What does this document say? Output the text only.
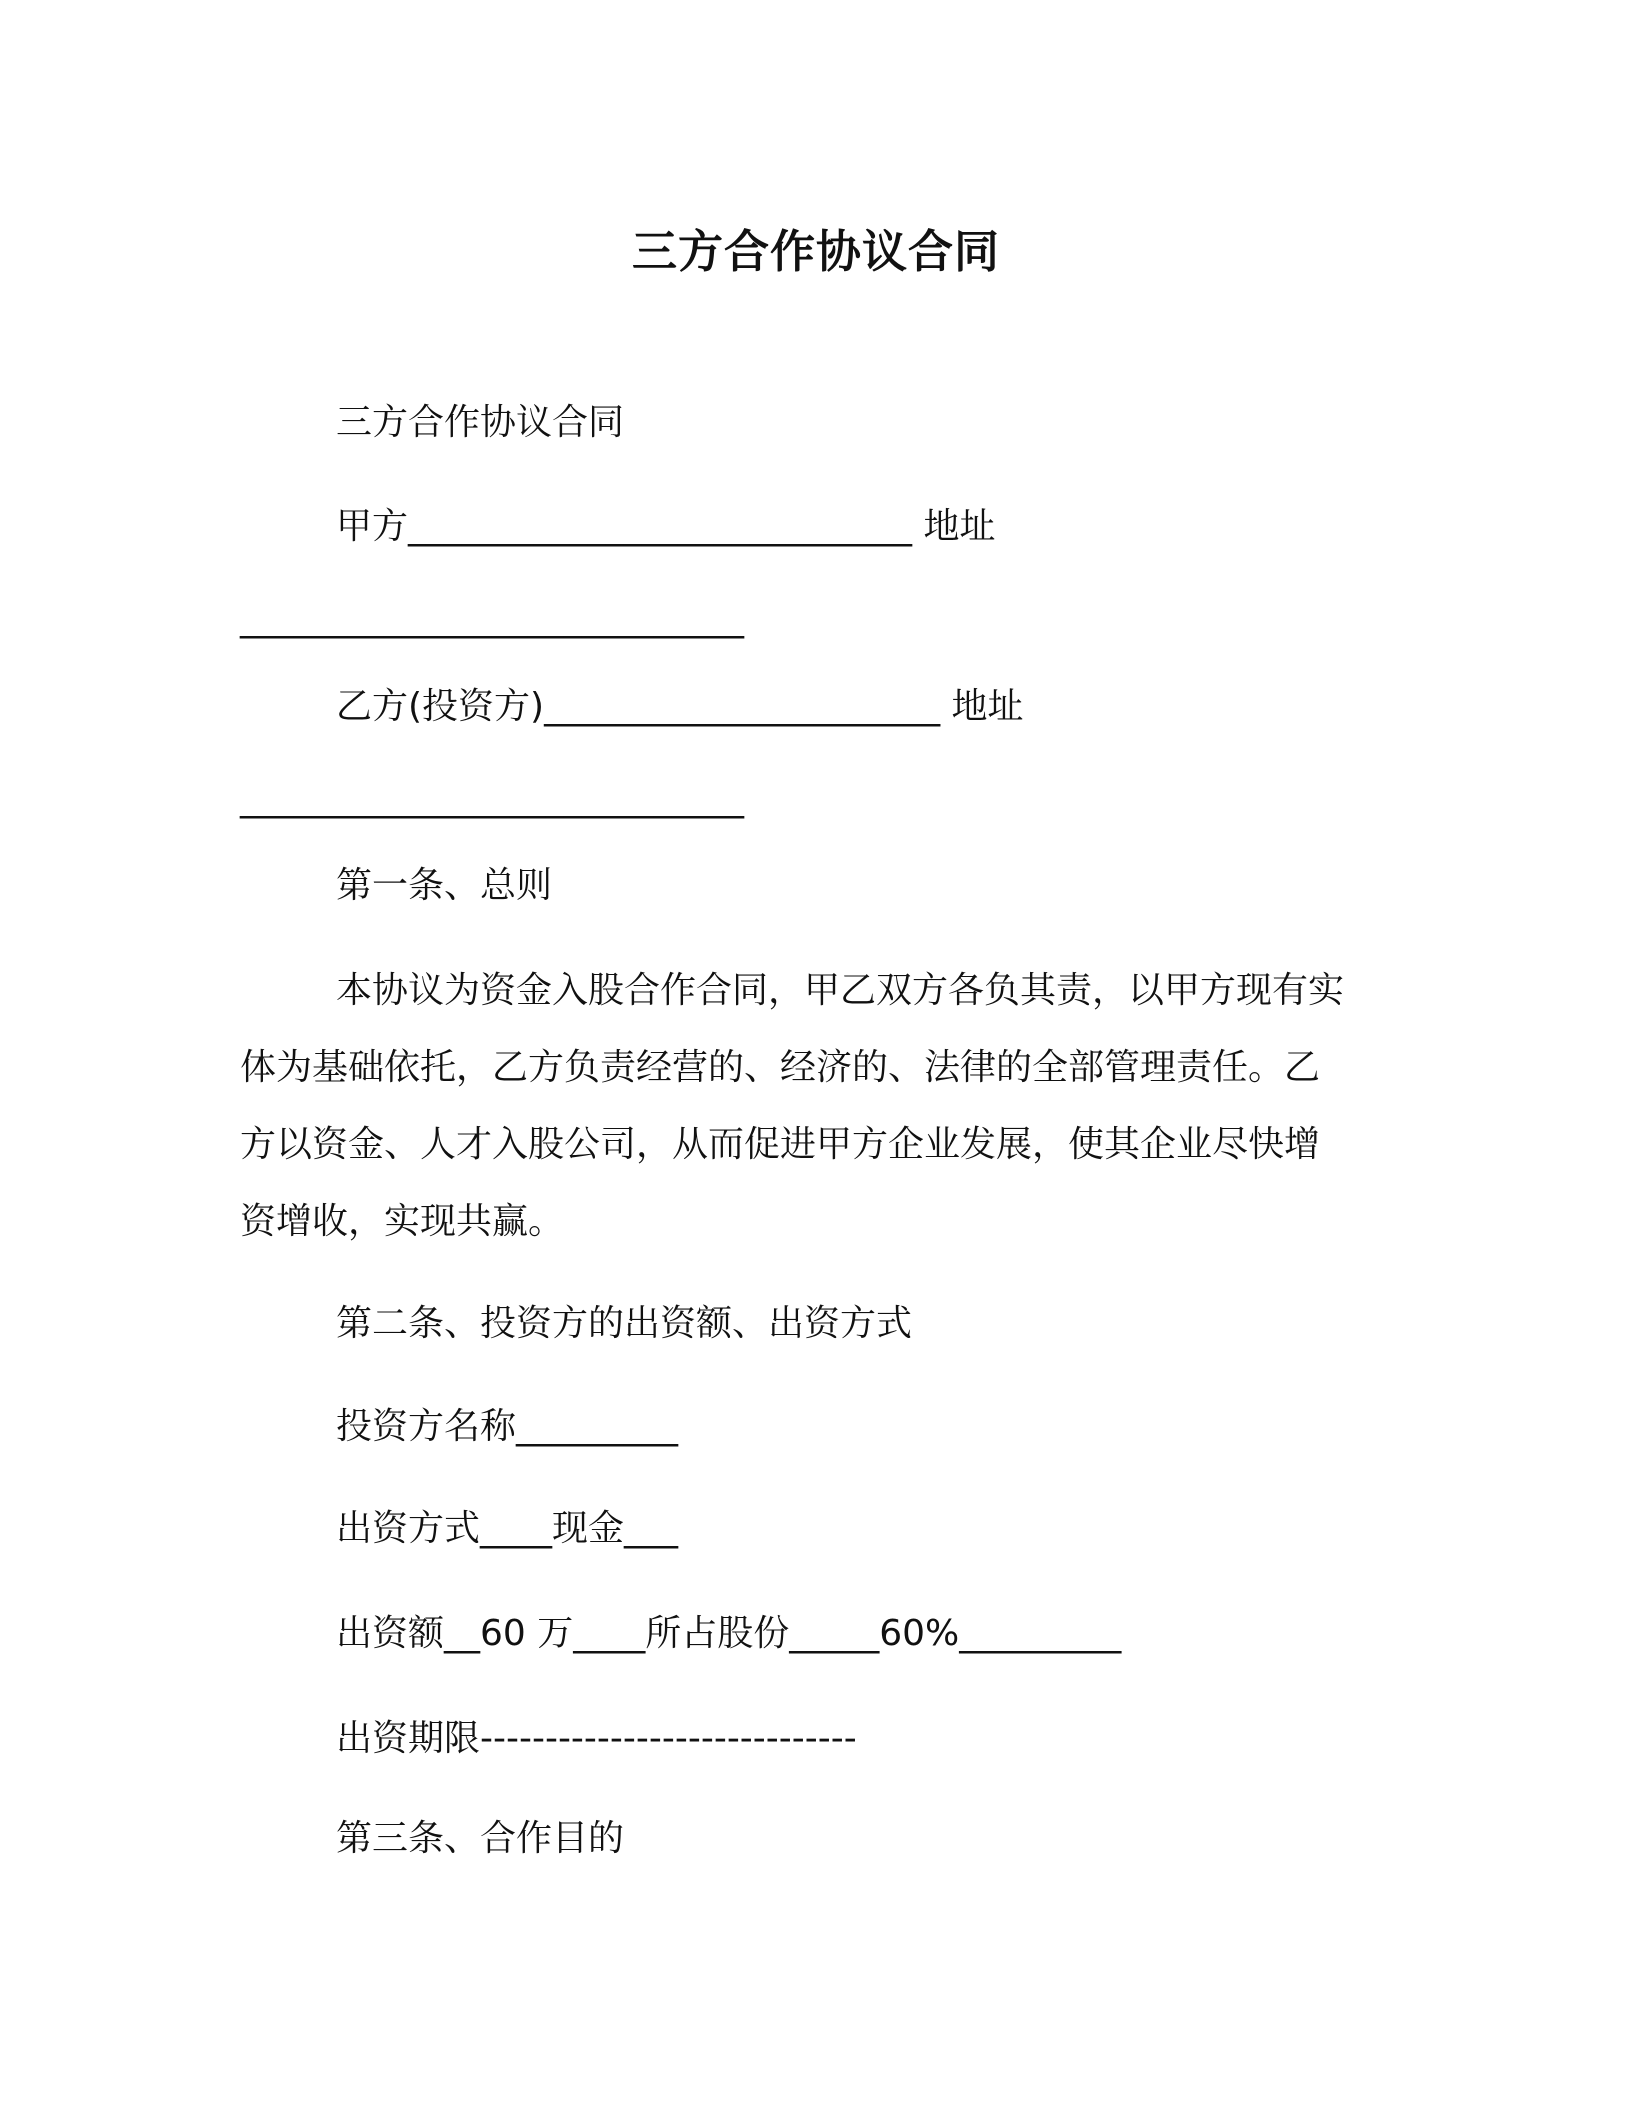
三方合作协议合同
三方合作协议合同
甲方____________________________ 地址
____________________________
乙方(投资方)______________________ 地址
____________________________
第一条、总则
本协议为资金入股合作合同，甲乙双方各负其责，以甲方现有实
体为基础依托，乙方负责经营的、经济的、法律的全部管理责任。乙
方以资金、人才入股公司，从而促进甲方企业发展，使其企业尽快增
资增收，实现共赢。
第二条、投资方的出资额、出资方式
投资方名称_________
出资方式____现金___
出资额__60 万____所占股份_____60%_________
出资期限-----------------------------
第三条、合作目的
